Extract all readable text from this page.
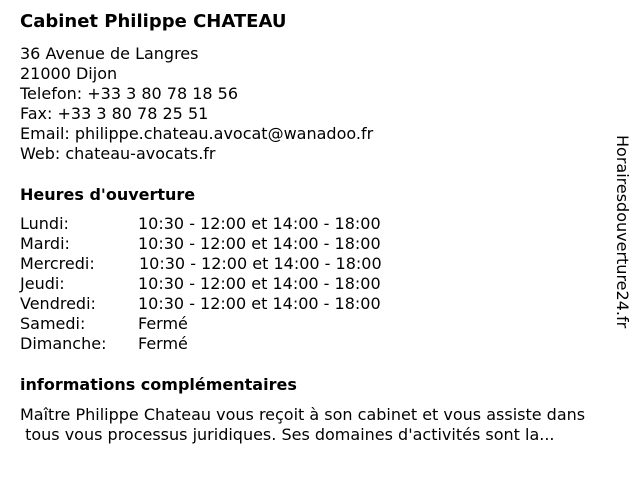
Cabinet Philippe CHATEAU
36 Avenue de Langres
21000 Dijon
Telefon: +33 3 80 78 18 56
Fax: +33 3 80 78 25 51
Email: philippe.chateau.avocat@wanadoo.fr
Web: chateau-avocats.fr
Heures d'ouverture
Lundi:	10:30 - 12:00 et 14:00 - 18:00
Mardi:	10:30 - 12:00 et 14:00 - 18:00
Mercredi:	10:30 - 12:00 et 14:00 - 18:00
Jeudi:	10:30 - 12:00 et 14:00 - 18:00
Vendredi:	10:30 - 12:00 et 14:00 - 18:00
Samedi:	Fermé
Dimanche: Fermé
informations complémentaires
Maître Philippe Chateau vous reçoit à son cabinet et vous assiste dans
tous vous processus juridiques. Ses domaines d'activités sont la...
Horairesdouverture24.fr
